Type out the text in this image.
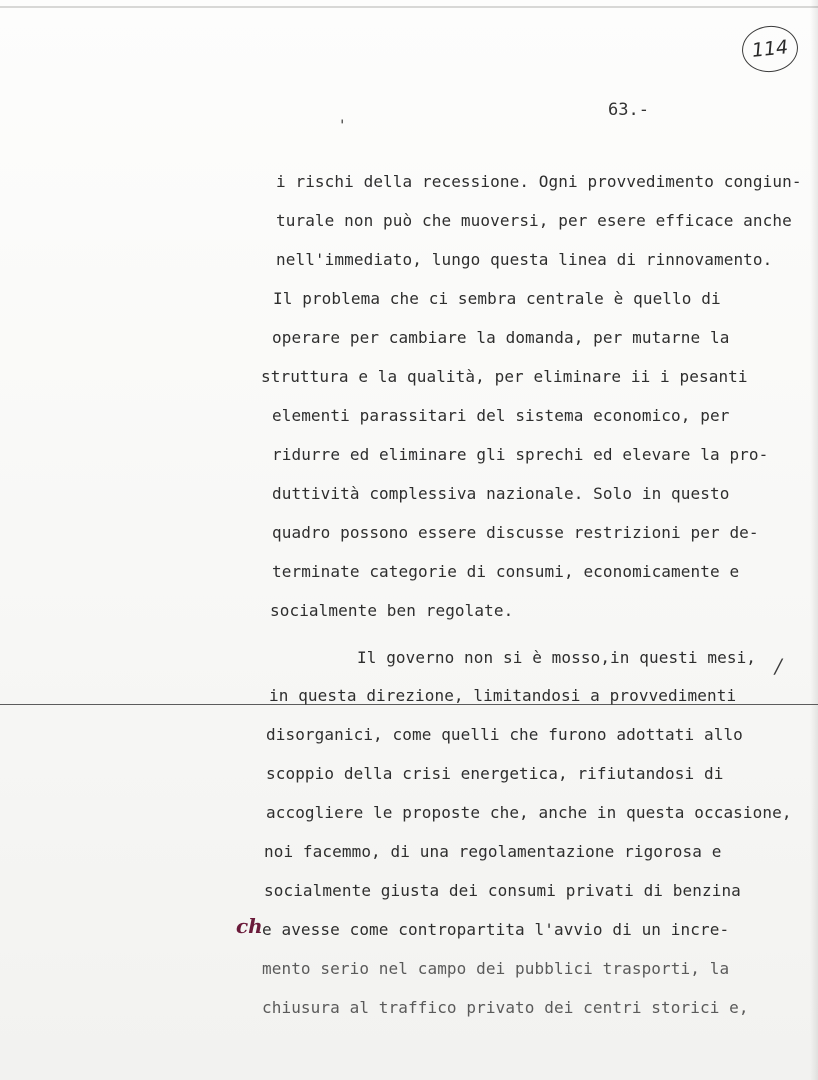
114
63.-
'
i rischi della recessione. Ogni provvedimento congiun-
turale non può che muoversi, per esere efficace anche
nell'immediato, lungo questa linea di rinnovamento.
Il problema che ci sembra centrale è quello di
operare per cambiare la domanda, per mutarne la
struttura e la qualità, per eliminare ii i pesanti
elementi parassitari del sistema economico, per
ridurre ed eliminare gli sprechi ed elevare la pro-
duttività complessiva nazionale. Solo in questo
quadro possono essere discusse restrizioni per de-
terminate categorie di consumi, economicamente e
socialmente ben regolate.
Il governo non si è mosso,in questi mesi, /
in questa direzione, limitandosi a provvedimenti
disorganici, come quelli che furono adottati allo
scoppio della crisi energetica, rifiutandosi di
accogliere le proposte che, anche in questa occasione,
noi facemmo, di una regolamentazione rigorosa e
socialmente giusta dei consumi privati di benzina
ch e avesse come contropartita l'avvio di un incre-
mento serio nel campo dei pubblici trasporti, la
chiusura al traffico privato dei centri storici e,
